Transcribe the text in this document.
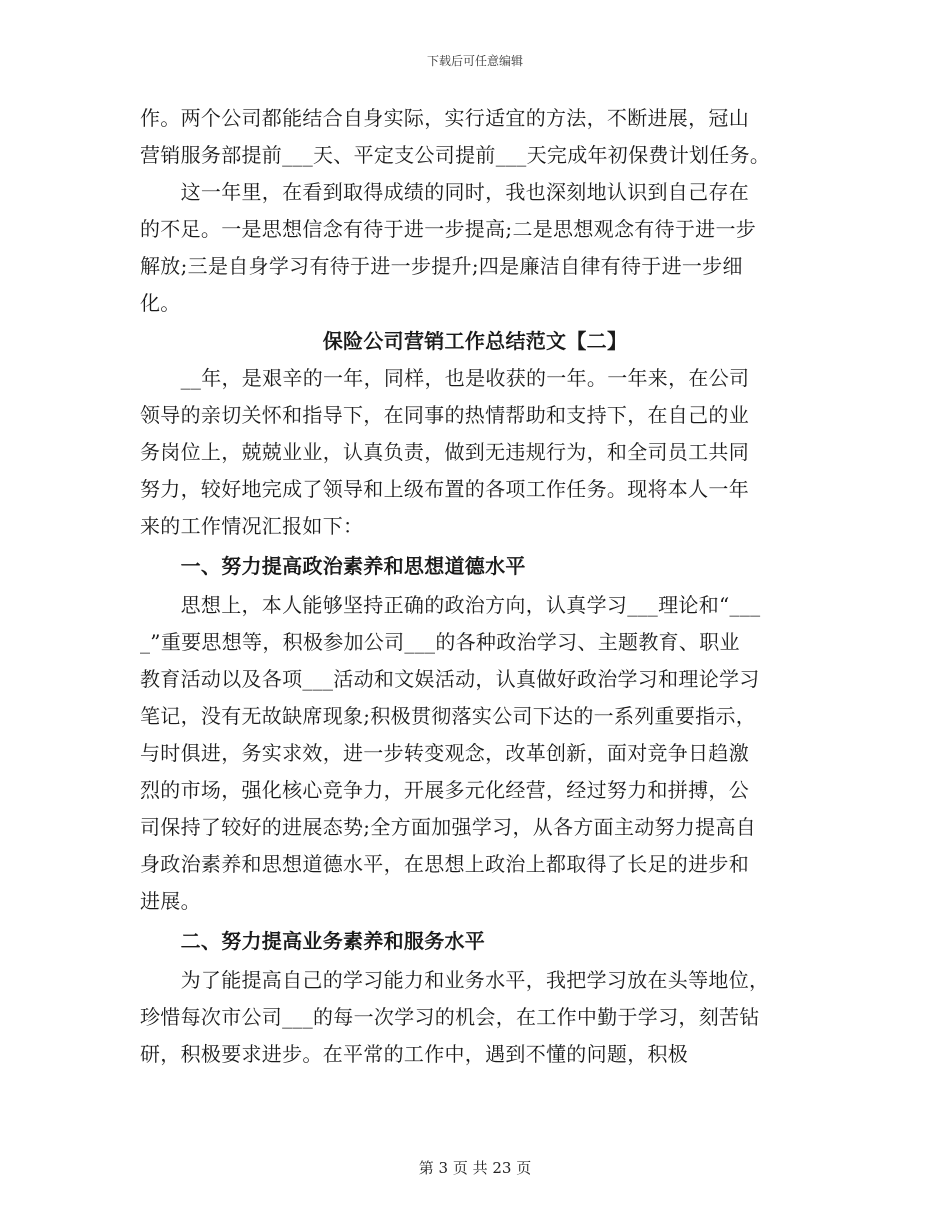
下载后可任意编辑
作。两个公司都能结合自身实际，实行适宜的方法，不断进展，冠山
营销服务部提前___天、平定支公司提前___天完成年初保费计划任务。
　　这一年里，在看到取得成绩的同时，我也深刻地认识到自己存在
的不足。一是思想信念有待于进一步提高;二是思想观念有待于进一步
解放;三是自身学习有待于进一步提升;四是廉洁自律有待于进一步细
化。
保险公司营销工作总结范文【二】
　　__年，是艰辛的一年，同样，也是收获的一年。一年来，在公司
领导的亲切关怀和指导下，在同事的热情帮助和支持下，在自己的业
务岗位上，兢兢业业，认真负责，做到无违规行为，和全司员工共同
努力，较好地完成了领导和上级布置的各项工作任务。现将本人一年
来的工作情况汇报如下：
　　一、努力提高政治素养和思想道德水平
　　思想上，本人能够坚持正确的政治方向，认真学习___理论和“___
_”重要思想等，积极参加公司___的各种政治学习、主题教育、职业
教育活动以及各项___活动和文娱活动，认真做好政治学习和理论学习
笔记，没有无故缺席现象;积极贯彻落实公司下达的一系列重要指示，
与时俱进，务实求效，进一步转变观念，改革创新，面对竞争日趋激
烈的市场，强化核心竞争力，开展多元化经营，经过努力和拼搏，公
司保持了较好的进展态势;全方面加强学习，从各方面主动努力提高自
身政治素养和思想道德水平，在思想上政治上都取得了长足的进步和
进展。
　　二、努力提高业务素养和服务水平
　　为了能提高自己的学习能力和业务水平，我把学习放在头等地位，
珍惜每次市公司___的每一次学习的机会，在工作中勤于学习，刻苦钻
研，积极要求进步。在平常的工作中，遇到不懂的问题，积极
第 3 页 共 23 页
